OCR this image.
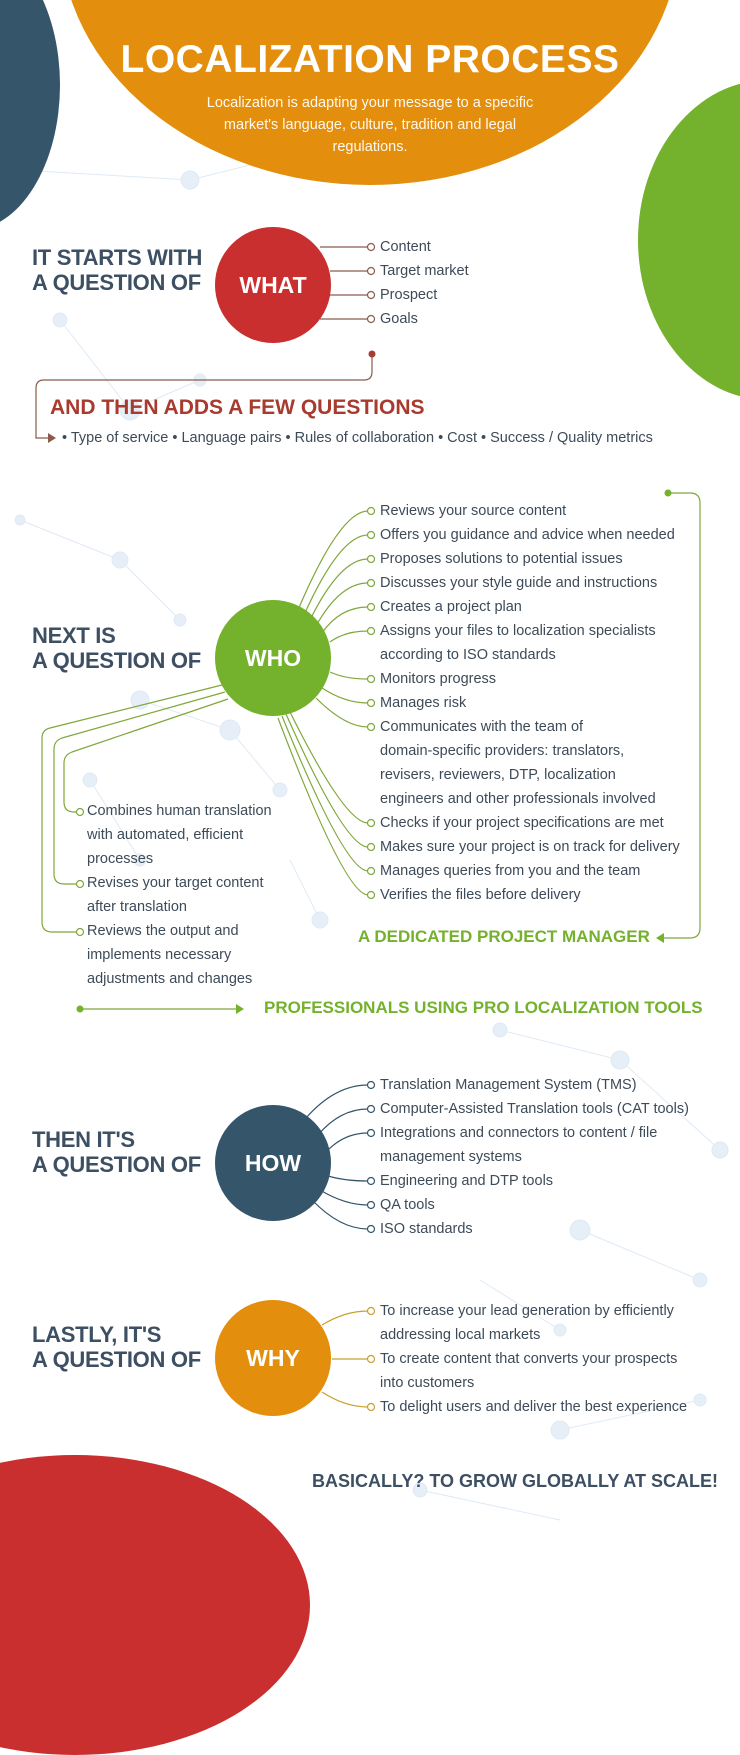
LOCALIZATION PROCESS
Localization is adapting your message to a specific market's language, culture, tradition and legal regulations.
IT STARTS WITH
A QUESTION OF WHAT
Content
Target market
Prospect
Goals
AND THEN ADDS A FEW QUESTIONS
• Type of service • Language pairs • Rules of collaboration • Cost • Success / Quality metrics
NEXT IS
A QUESTION OF WHO
Reviews your source content
Offers you guidance and advice when needed
Proposes solutions to potential issues
Discusses your style guide and instructions
Creates a project plan
Assigns your files to localization specialists
according to ISO standards
Monitors progress
Manages risk
Communicates with the team of
domain-specific providers: translators,
revisers, reviewers, DTP, localization
engineers and other professionals involved
Checks if your project specifications are met
Makes sure your project is on track for delivery
Manages queries from you and the team
Verifies the files before delivery
A DEDICATED PROJECT MANAGER
Combines human translation
with automated, efficient
processes
Revises your target content
after translation
Reviews the output and
implements necessary
adjustments and changes
PROFESSIONALS USING PRO LOCALIZATION TOOLS
THEN IT'S
A QUESTION OF HOW
Translation Management System (TMS)
Computer-Assisted Translation tools (CAT tools)
Integrations and connectors to content / file
management systems
Engineering and DTP tools
QA tools
ISO standards
LASTLY, IT'S
A QUESTION OF WHY
To increase your lead generation by efficiently
addressing local markets
To create content that converts your prospects
into customers
To delight users and deliver the best experience
BASICALLY? TO GROW GLOBALLY AT SCALE!
